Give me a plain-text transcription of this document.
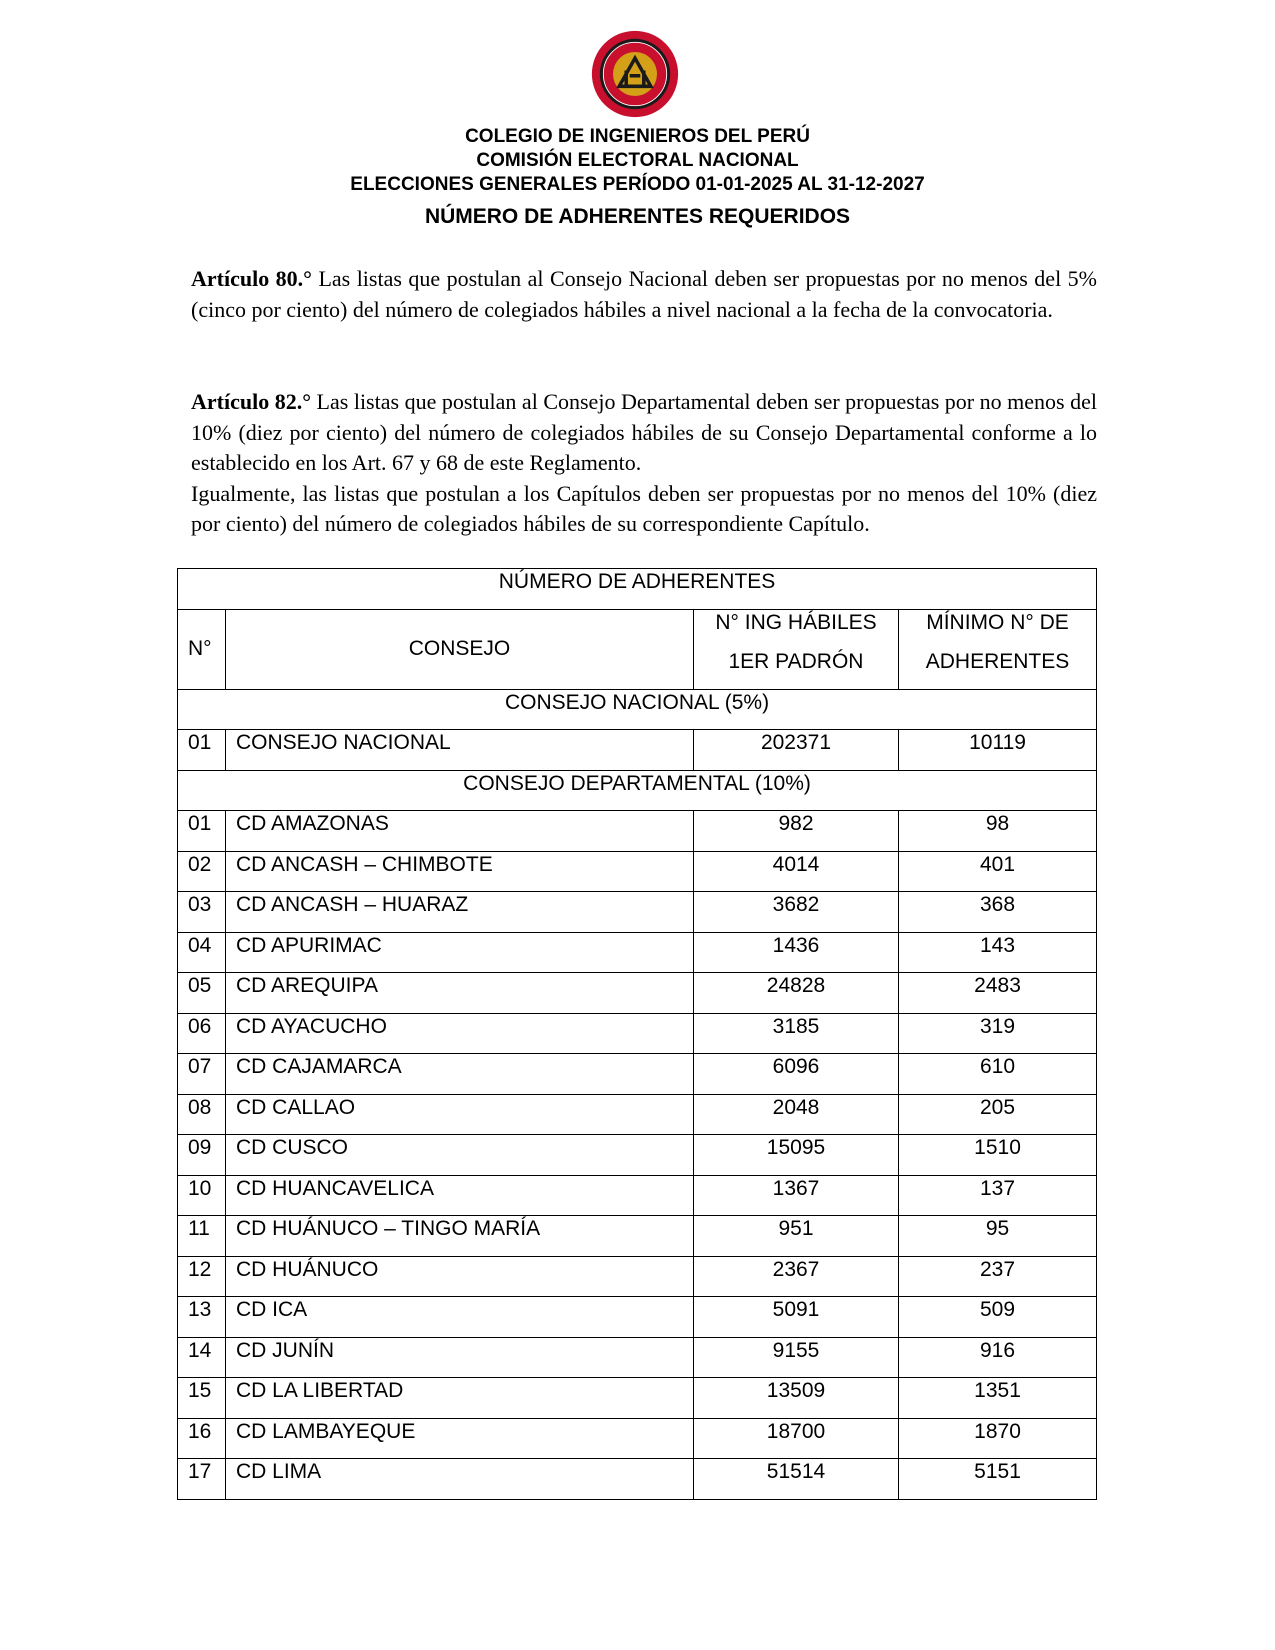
COLEGIO DE INGENIEROS DEL PERÚ

COMISIÓN ELECTORAL NACIONAL

ELECCIONES GENERALES PERÍODO 01-01-2025 AL 31-12-2027

NÚMERO DE ADHERENTES REQUERIDOS

Artículo 80.° Las listas que postulan al Consejo Nacional deben ser propuestas por no menos del 5% (cinco por ciento) del número de colegiados hábiles a nivel nacional a la fecha de la convocatoria.

Artículo 82.° Las listas que postulan al Consejo Departamental deben ser propuestas por no menos del 10% (diez por ciento) del número de colegiados hábiles de su Consejo Departamental conforme a lo establecido en los Art. 67 y 68 de este Reglamento.
Igualmente, las listas que postulan a los Capítulos deben ser propuestas por no menos del 10% (diez por ciento) del número de colegiados hábiles de su correspondiente Capítulo.

NÚMERO DE ADHERENTES			
N°	CONSEJO	N° ING HÁBILES	MÍNIMO N° DE
		1ER PADRÓN	ADHERENTES
CONSEJO NACIONAL (5%)			
01	CONSEJO NACIONAL	202371	10119
CONSEJO DEPARTAMENTAL (10%)			
01	CD AMAZONAS	982	98
02	CD ANCASH – CHIMBOTE	4014	401
03	CD ANCASH – HUARAZ	3682	368
04	CD APURIMAC	1436	143
05	CD AREQUIPA	24828	2483
06	CD AYACUCHO	3185	319
07	CD CAJAMARCA	6096	610
08	CD CALLAO	2048	205
09	CD CUSCO	15095	1510
10	CD HUANCAVELICA	1367	137
11	CD HUÁNUCO – TINGO MARÍA	951	95
12	CD HUÁNUCO	2367	237
13	CD ICA	5091	509
14	CD JUNÍN	9155	916
15	CD LA LIBERTAD	13509	1351
16	CD LAMBAYEQUE	18700	1870
17	CD LIMA	51514	5151
